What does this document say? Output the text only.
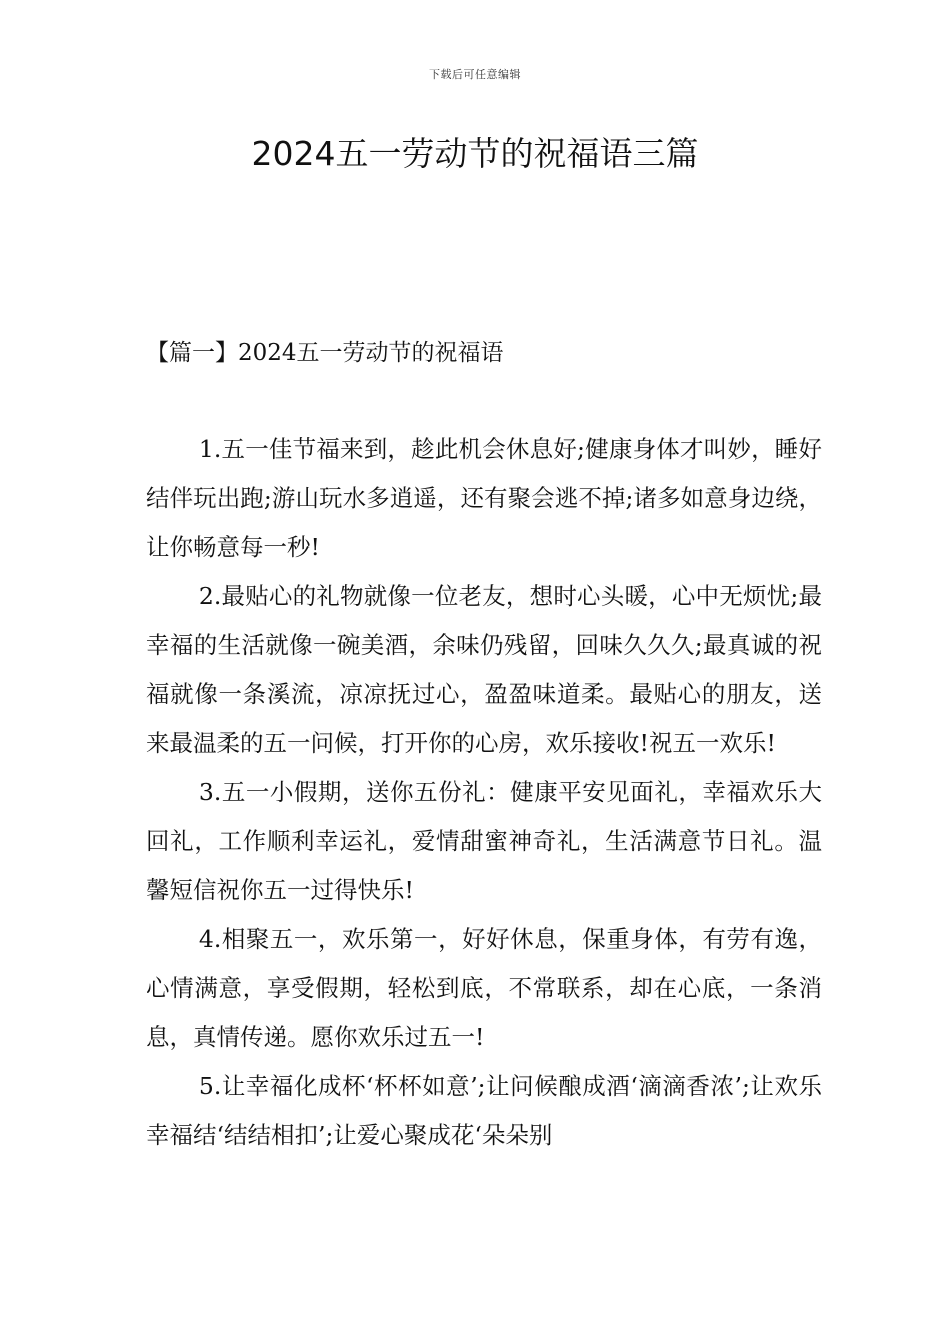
下载后可任意编辑
2024五一劳动节的祝福语三篇
【篇一】2024五一劳动节的祝福语

1.五一佳节福来到，趁此机会休息好;健康身体才叫妙，睡好结伴玩出跑;游山玩水多逍遥，还有聚会逃不掉;诸多如意身边绕，让你畅意每一秒!

2.最贴心的礼物就像一位老友，想时心头暖，心中无烦忧;最幸福的生活就像一碗美酒，余味仍残留，回味久久久;最真诚的祝福就像一条溪流，凉凉抚过心，盈盈味道柔。最贴心的朋友，送来最温柔的五一问候，打开你的心房，欢乐接收!祝五一欢乐!

3.五一小假期，送你五份礼：健康平安见面礼，幸福欢乐大回礼，工作顺利幸运礼，爱情甜蜜神奇礼，生活满意节日礼。温馨短信祝你五一过得快乐!

4.相聚五一，欢乐第一，好好休息，保重身体，有劳有逸，心情满意，享受假期，轻松到底，不常联系，却在心底，一条消息，真情传递。愿你欢乐过五一!

5.让幸福化成杯‘杯杯如意’;让问候酿成酒‘滴滴香浓’;让欢乐幸福结‘结结相扣’;让爱心聚成花‘朵朵别
